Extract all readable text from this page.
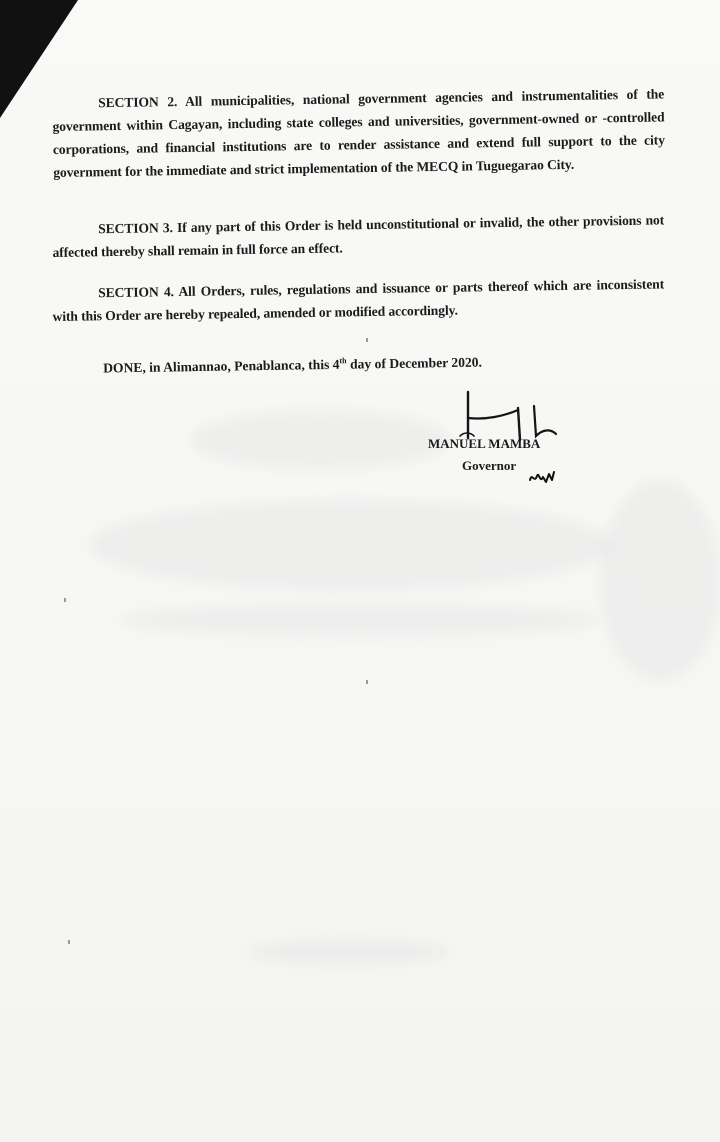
SECTION 2. All municipalities, national government agencies and instrumentalities of the government within Cagayan, including state colleges and universities, government-owned or -controlled corporations, and financial institutions are to render assistance and extend full support to the city government for the immediate and strict implementation of the MECQ in Tuguegarao City.

SECTION 3. If any part of this Order is held unconstitutional or invalid, the other provisions not affected thereby shall remain in full force an effect.

SECTION 4. All Orders, rules, regulations and issuance or parts thereof which are inconsistent with this Order are hereby repealed, amended or modified accordingly.

DONE, in Alimannao, Penablanca, this 4th day of December 2020.
MANUEL MAMBA
Governor
